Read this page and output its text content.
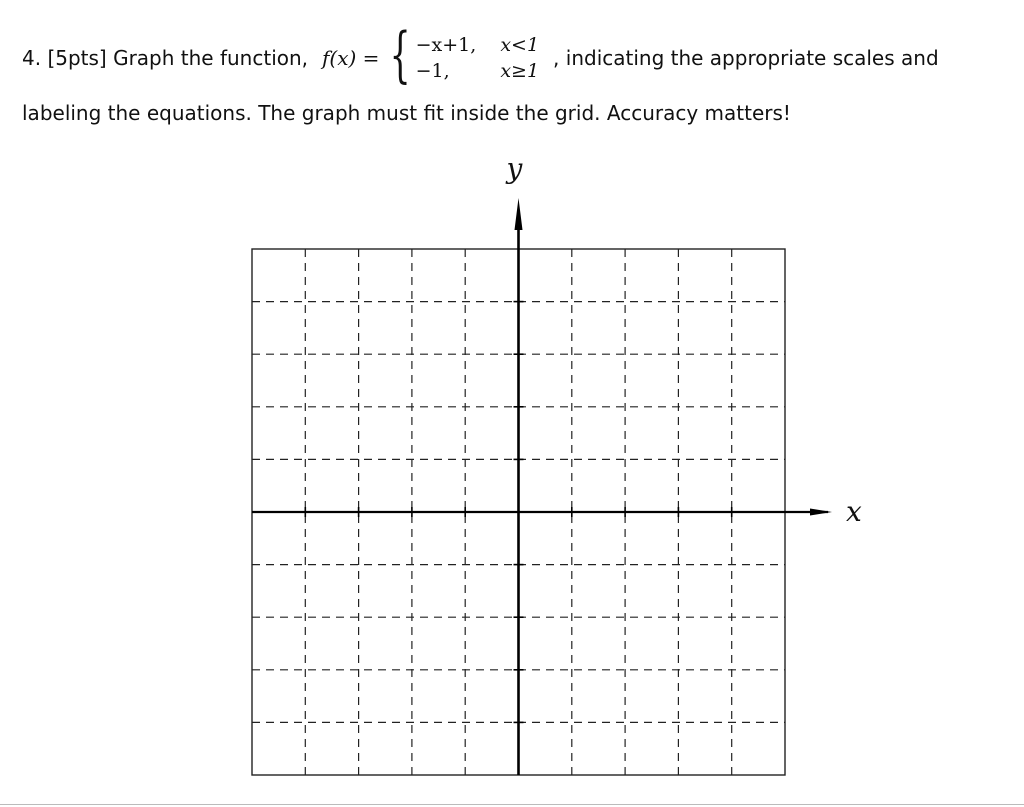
4. [5pts] Graph the function, f(x) = { −x+1, x<1
−1,	x≥1
, indicating the appropriate scales and
labeling the equations. The graph must fit inside the grid. Accuracy matters!
x
y
